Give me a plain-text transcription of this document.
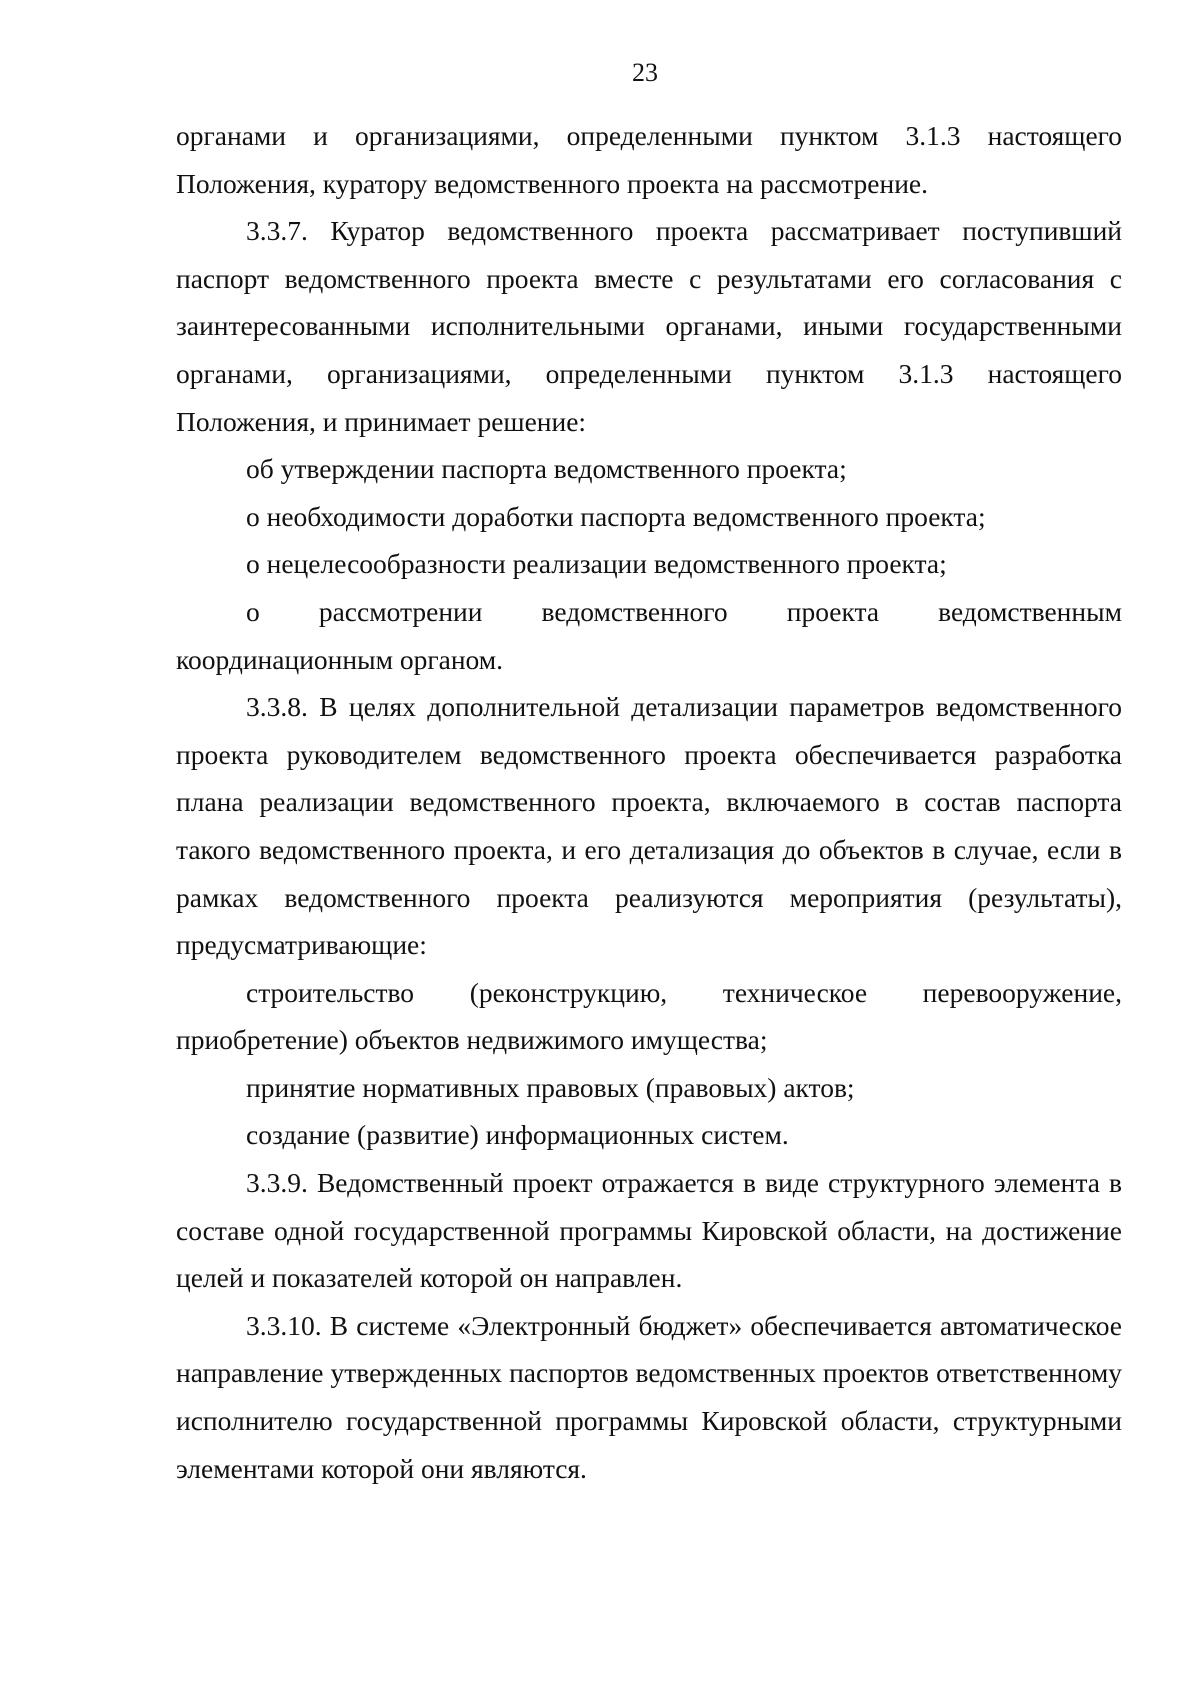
23

органами и организациями, определенными пунктом 3.1.3 настоящего Положения, куратору ведомственного проекта на рассмотрение.

3.3.7. Куратор ведомственного проекта рассматривает поступивший паспорт ведомственного проекта вместе с результатами его согласования с заинтересованными исполнительными органами, иными государственными органами, организациями, определенными пунктом 3.1.3 настоящего Положения, и принимает решение:

об утверждении паспорта ведомственного проекта;

о необходимости доработки паспорта ведомственного проекта;

о нецелесообразности реализации ведомственного проекта;

о рассмотрении ведомственного проекта ведомственным координационным органом.

3.3.8. В целях дополнительной детализации параметров ведомственного проекта руководителем ведомственного проекта обеспечивается разработка плана реализации ведомственного проекта, включаемого в состав паспорта такого ведомственного проекта, и его детализация до объектов в случае, если в рамках ведомственного проекта реализуются мероприятия (результаты), предусматривающие:

строительство (реконструкцию, техническое перевооружение, приобретение) объектов недвижимого имущества;

принятие нормативных правовых (правовых) актов;

создание (развитие) информационных систем.

3.3.9. Ведомственный проект отражается в виде структурного элемента в составе одной государственной программы Кировской области, на достижение целей и показателей которой он направлен.

3.3.10. В системе «Электронный бюджет» обеспечивается автоматическое направление утвержденных паспортов ведомственных проектов ответственному исполнителю государственной программы Кировской области, структурными элементами которой они являются.
